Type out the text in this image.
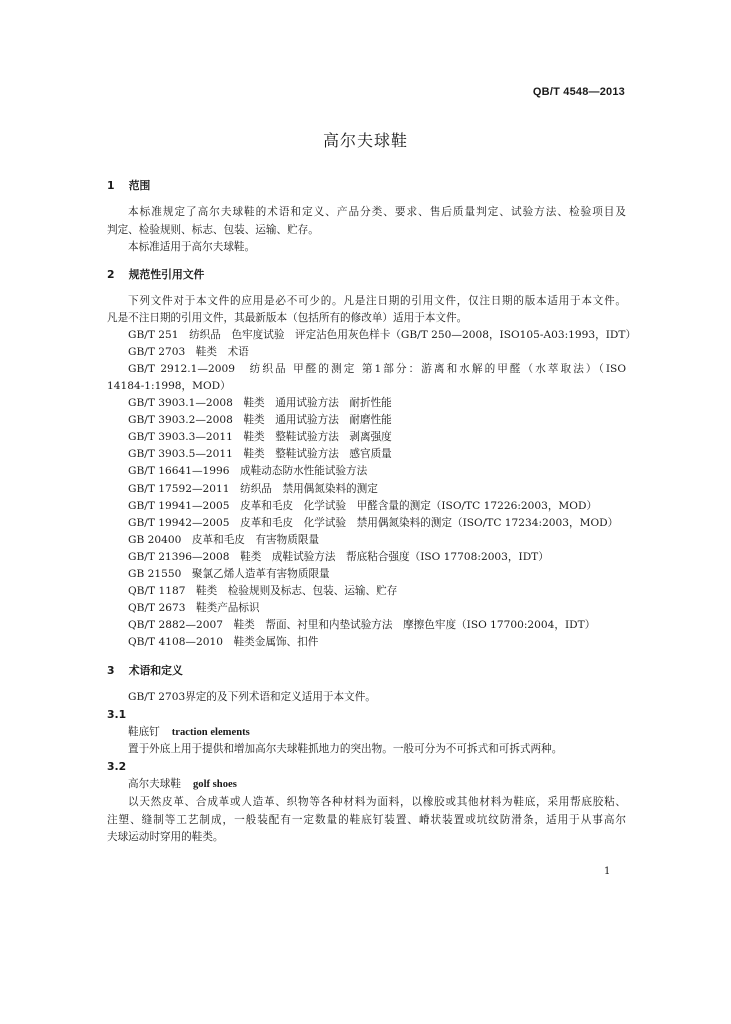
QB/T 4548—2013
高尔夫球鞋
1 范围
本标准规定了高尔夫球鞋的术语和定义、产品分类、要求、售后质量判定、试验方法、检验项目及
判定、检验规则、标志、包装、运输、贮存。
本标准适用于高尔夫球鞋。
2 规范性引用文件
下列文件对于本文件的应用是必不可少的。凡是注日期的引用文件，仅注日期的版本适用于本文件。
凡是不注日期的引用文件，其最新版本（包括所有的修改单）适用于本文件。
GB/T 251　纺织品　色牢度试验　评定沾色用灰色样卡（GB/T 250—2008，ISO105-A03:1993，IDT）
GB/T 2703　鞋类　术语
GB/T 2912.1—2009　纺织品 甲醛的测定 第1部分：游离和水解的甲醛（水萃取法）（ISO
14184-1:1998，MOD）
GB/T 3903.1—2008　鞋类　通用试验方法　耐折性能
GB/T 3903.2—2008　鞋类　通用试验方法　耐磨性能
GB/T 3903.3—2011　鞋类　整鞋试验方法　剥离强度
GB/T 3903.5—2011　鞋类　整鞋试验方法　感官质量
GB/T 16641—1996　成鞋动态防水性能试验方法
GB/T 17592—2011　纺织品　禁用偶氮染料的测定
GB/T 19941—2005　皮革和毛皮　化学试验　甲醛含量的测定（ISO/TC 17226:2003，MOD）
GB/T 19942—2005　皮革和毛皮　化学试验　禁用偶氮染料的测定（ISO/TC 17234:2003，MOD）
GB 20400　皮革和毛皮　有害物质限量
GB/T 21396—2008　鞋类　成鞋试验方法　帮底粘合强度（ISO 17708:2003，IDT）
GB 21550　聚氯乙烯人造革有害物质限量
QB/T 1187　鞋类　检验规则及标志、包装、运输、贮存
QB/T 2673　鞋类产品标识
QB/T 2882—2007　鞋类　帮面、衬里和内垫试验方法　摩擦色牢度（ISO 17700:2004，IDT）
QB/T 4108—2010　鞋类金属饰、扣件
3 术语和定义
GB/T 2703界定的及下列术语和定义适用于本文件。
3.1
鞋底钉 traction elements
置于外底上用于提供和增加高尔夫球鞋抓地力的突出物。一般可分为不可拆式和可拆式两种。
3.2
高尔夫球鞋 golf shoes
以天然皮革、合成革或人造革、织物等各种材料为面料，以橡胶或其他材料为鞋底，采用帮底胶粘、
注塑、缝制等工艺制成，一般装配有一定数量的鞋底钉装置、嵴状装置或坑纹防滑条，适用于从事高尔
夫球运动时穿用的鞋类。
1
